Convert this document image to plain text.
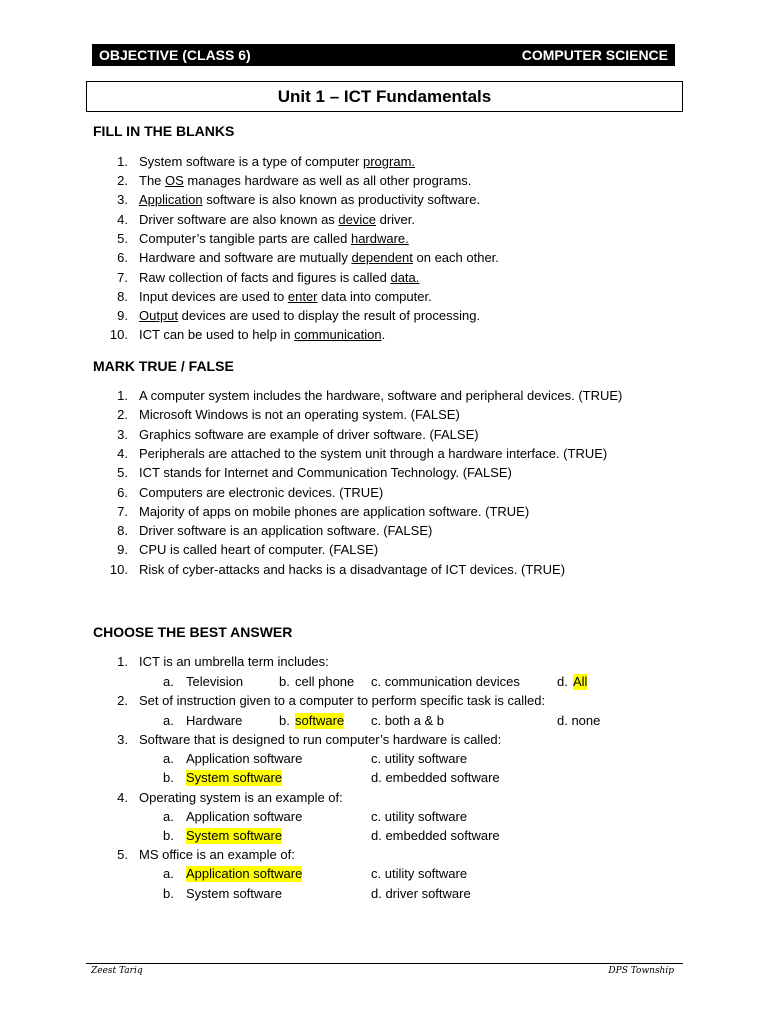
OBJECTIVE (CLASS 6)	COMPUTER SCIENCE
Unit 1 – ICT Fundamentals
FILL IN THE BLANKS
1. System software is a type of computer program.
2. The OS manages hardware as well as all other programs.
3. Application software is also known as productivity software.
4. Driver software are also known as device driver.
5. Computer’s tangible parts are called hardware.
6. Hardware and software are mutually dependent on each other.
7. Raw collection of facts and figures is called data.
8. Input devices are used to enter data into computer.
9. Output devices are used to display the result of processing.
10. ICT can be used to help in communication.
MARK TRUE / FALSE
1. A computer system includes the hardware, software and peripheral devices. (TRUE)
2. Microsoft Windows is not an operating system. (FALSE)
3. Graphics software are example of driver software. (FALSE)
4. Peripherals are attached to the system unit through a hardware interface. (TRUE)
5. ICT stands for Internet and Communication Technology. (FALSE)
6. Computers are electronic devices. (TRUE)
7. Majority of apps on mobile phones are application software. (TRUE)
8. Driver software is an application software. (FALSE)
9. CPU is called heart of computer. (FALSE)
10. Risk of cyber-attacks and hacks is a disadvantage of ICT devices. (TRUE)
CHOOSE THE BEST ANSWER
1. ICT is an umbrella term includes:
a. Television	b. cell phone c. communication devices	d. All
2. Set of instruction given to a computer to perform specific task is called:
a. Hardware	b. software c. both a & b	d. none
3. Software that is designed to run computer’s hardware is called:
a. Application software	c. utility software
b. System software	d. embedded software
4. Operating system is an example of:
a. Application software	c. utility software
b. System software	d. embedded software
5. MS office is an example of:
a. Application software	c. utility software
b. System software	d. driver software
Zeest Tariq	DPS Township
